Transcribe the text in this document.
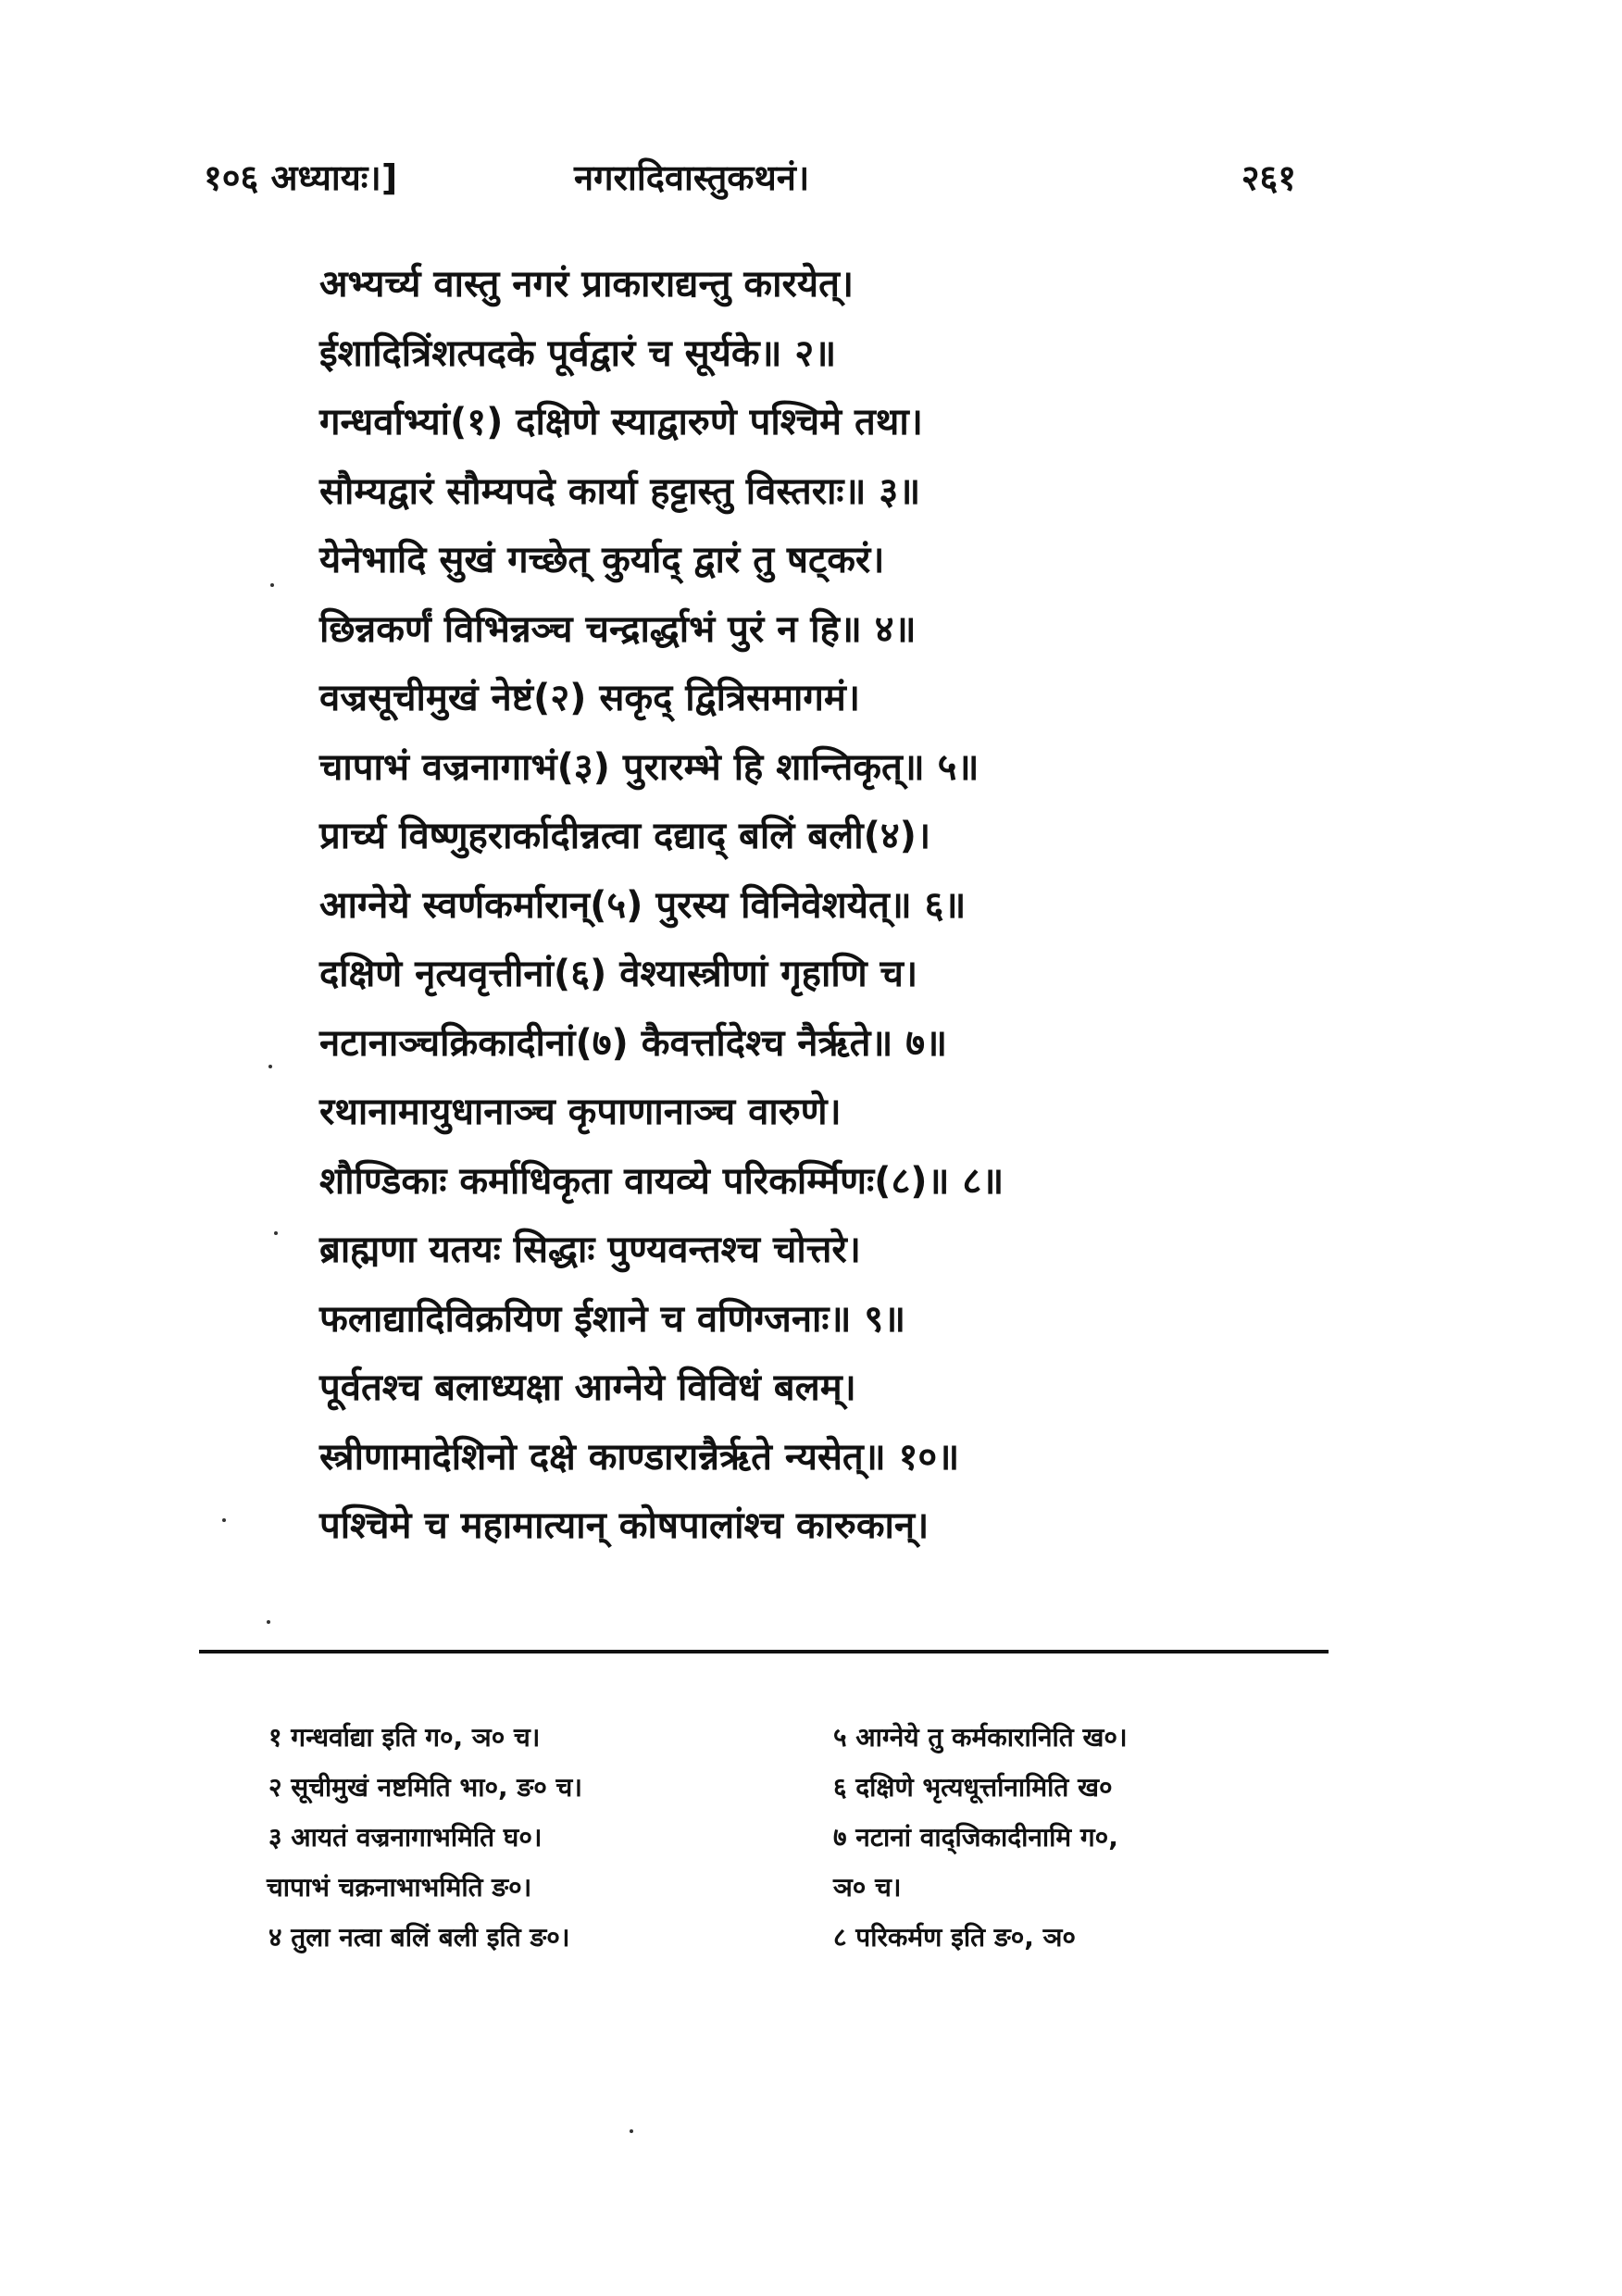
१०६ अध्यायः।]	नगरादिवास्तुकथनं।	२६१
अभ्यर्च्य वास्तु नगरं प्राकाराद्यन्तु कारयेत्।
ईशादित्रिंशत्पदके पूर्वद्वारं च सूर्यके॥ २॥
गन्धर्वाभ्यां(१) दक्षिणे स्याद्वारुणे पश्चिमे तथा।
सौम्यद्वारं सौम्यपदे कार्या हट्टास्तु विस्तराः॥ ३॥
येनेभादि सुखं गच्छेत् कुर्याद् द्वारं तु षट्करं।
छिन्नकर्णं विभिन्नञ्च चन्द्रार्द्धाभं पुरं न हि॥ ४॥
वज्रसूचीमुखं नेष्टं(२) सकृद् द्वित्रिसमागमं।
चापाभं वज्रनागाभं(३) पुरारम्भे हि शान्तिकृत्॥ ५॥
प्रार्च्य विष्णुहरार्कादीन्नत्वा दद्याद् बलिं बली(४)।
आग्नेये स्वर्णकर्मारान्(५) पुरस्य विनिवेशयेत्॥ ६॥
दक्षिणे नृत्यवृत्तीनां(६) वेश्यास्त्रीणां गृहाणि च।
नटानाञ्चक्रिकादीनां(७) कैवर्त्तादेश्च नैर्ऋते॥ ७॥
रथानामायुधानाञ्च कृपाणानाञ्च वारुणे।
शौण्डिकाः कर्माधिकृता वायव्ये परिकर्म्मिणः(८)॥ ८॥
ब्राह्मणा यतयः सिद्धाः पुण्यवन्तश्च चोत्तरे।
फलाद्यादिविक्रयिण ईशाने च वणिग्जनाः॥ ९॥
पूर्वतश्च बलाध्यक्षा आग्नेये विविधं बलम्।
स्त्रीणामादेशिनो दक्षे काण्डारान्नैर्ऋते न्यसेत्॥ १०॥
पश्चिमे च महामात्यान् कोषपालांश्च कारुकान्।
१ गन्धर्वाद्या इति ग०, ञ० च।
२ सूचीमुखं नष्टमिति भा०, ङ० च।
३ आयतं वज्रनागाभमिति घ०।
चापाभं चक्रनाभाभमिति ङ०।
४ तुला नत्वा बलिं बली इति ङ०।
५ आग्नेये तु कर्मकारानिति ख०।
६ दक्षिणे भृत्यधूर्त्तानामिति ख०
७ नटानां वाद्जिकादीनामि ग०,
ञ० च।
८ परिकर्मण इति ङ०, ञ०
